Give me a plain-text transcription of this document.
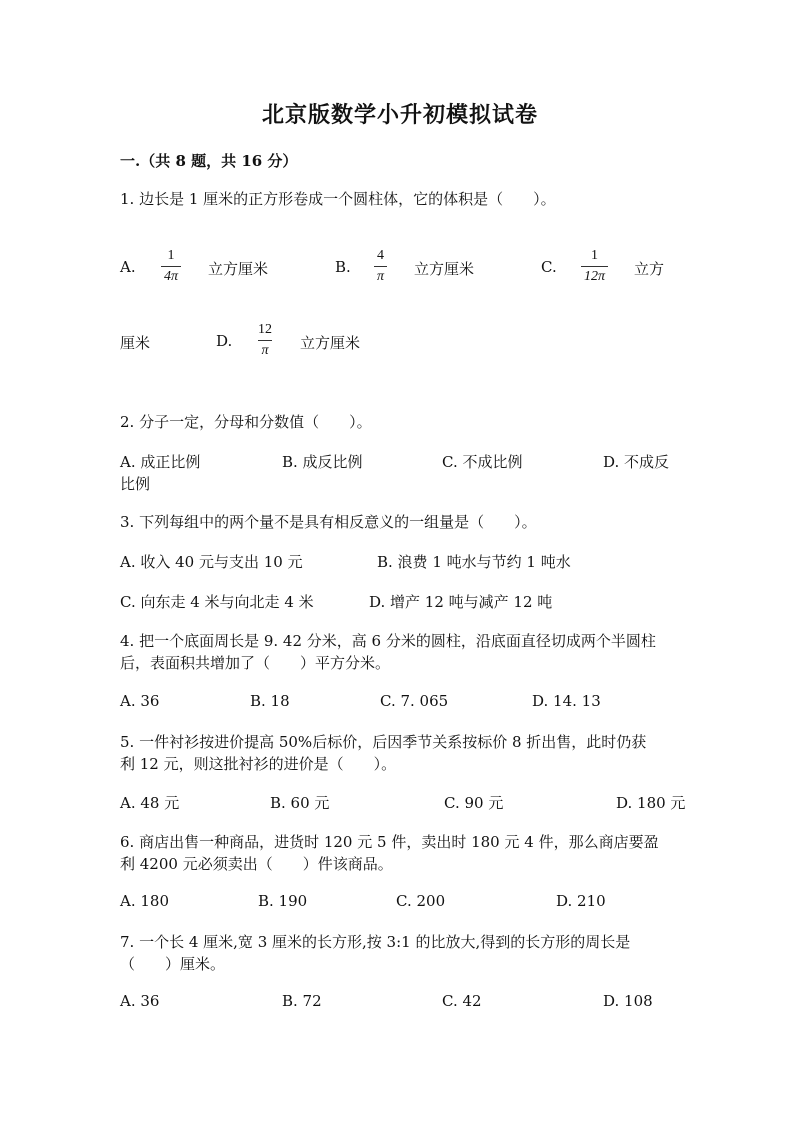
北京版数学小升初模拟试卷
一.（共 8 题，共 16 分）
1. 边长是 1 厘米的正方形卷成一个圆柱体，它的体积是（　　）。
A. $\frac{1}{4\pi}$ 立方厘米	B. $\frac{4}{\pi}$ 立方厘米	C. $\frac{1}{12\pi}$ 立方
厘米	D. $\frac{12}{\pi}$ 立方厘米
2. 分子一定，分母和分数值（　　）。
A. 成正比例	B. 成反比例	C. 不成比例	D. 不成反
比例
3. 下列每组中的两个量不是具有相反意义的一组量是（　　）。
A. 收入 40 元与支出 10 元	B. 浪费 1 吨水与节约 1 吨水
C. 向东走 4 米与向北走 4 米	D. 增产 12 吨与减产 12 吨
4. 把一个底面周长是 9. 42 分米，高 6 分米的圆柱，沿底面直径切成两个半圆柱
后，表面积共增加了（　　）平方分米。
A. 36	B. 18	C. 7. 065	D. 14. 13
5. 一件衬衫按进价提高 50%后标价，后因季节关系按标价 8 折出售，此时仍获
利 12 元，则这批衬衫的进价是（　　）。
A. 48 元	B. 60 元	C. 90 元	D. 180 元
6. 商店出售一种商品，进货时 120 元 5 件，卖出时 180 元 4 件，那么商店要盈
利 4200 元必须卖出（　　）件该商品。
A. 180	B. 190	C. 200	D. 210
7. 一个长 4 厘米,宽 3 厘米的长方形,按 3:1 的比放大,得到的长方形的周长是
（　　）厘米。
A. 36	B. 72	C. 42	D. 108
